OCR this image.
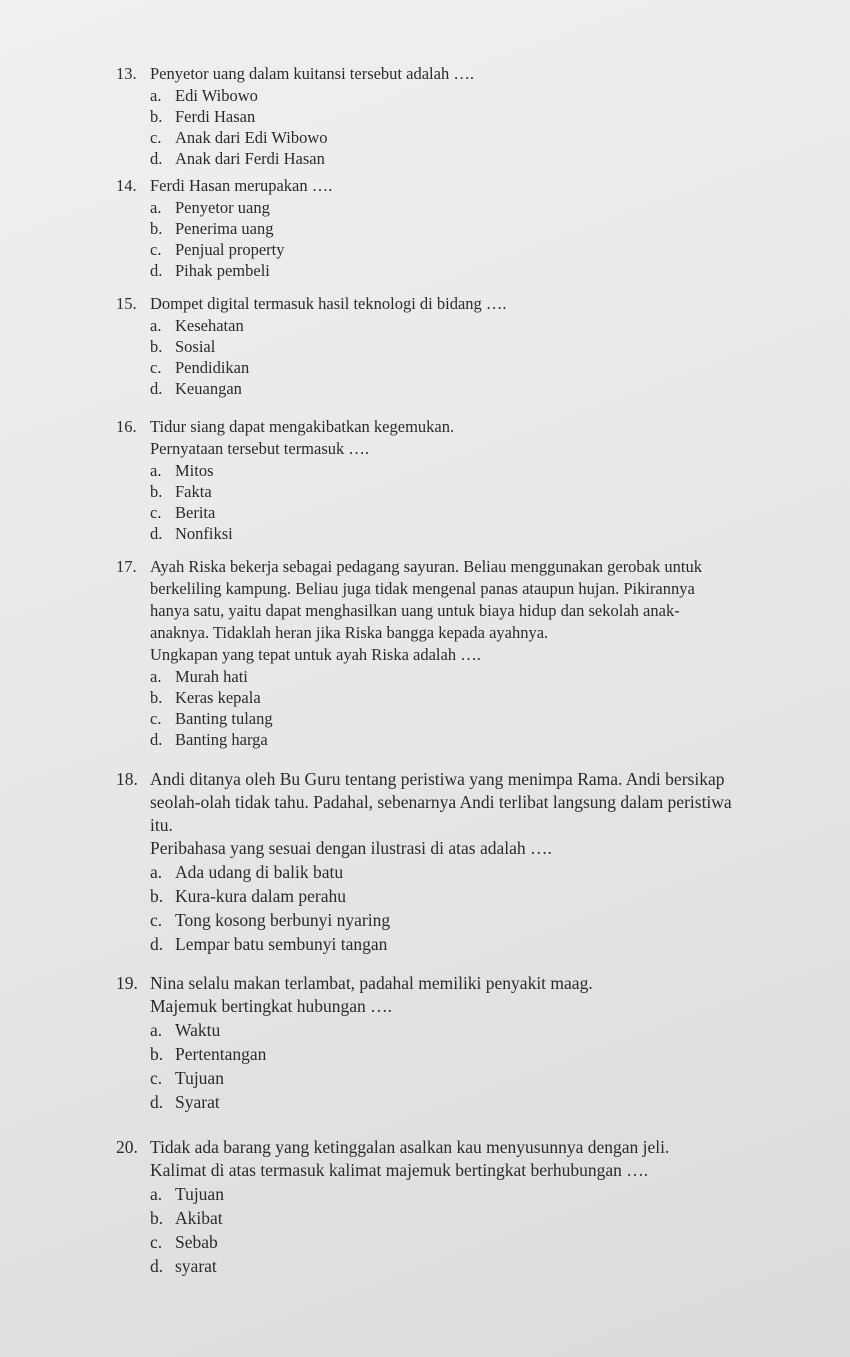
13. Penyetor uang dalam kuitansi tersebut adalah ….
a. Edi Wibowo
b. Ferdi Hasan
c. Anak dari Edi Wibowo
d. Anak dari Ferdi Hasan
14. Ferdi Hasan merupakan ….
a. Penyetor uang
b. Penerima uang
c. Penjual property
d. Pihak pembeli
15. Dompet digital termasuk hasil teknologi di bidang ….
a. Kesehatan
b. Sosial
c. Pendidikan
d. Keuangan
16. Tidur siang dapat mengakibatkan kegemukan.
Pernyataan tersebut termasuk ….
a. Mitos
b. Fakta
c. Berita
d. Nonfiksi
17. Ayah Riska bekerja sebagai pedagang sayuran. Beliau menggunakan gerobak untuk
berkeliling kampung. Beliau juga tidak mengenal panas ataupun hujan. Pikirannya
hanya satu, yaitu dapat menghasilkan uang untuk biaya hidup dan sekolah anak-
anaknya. Tidaklah heran jika Riska bangga kepada ayahnya.
Ungkapan yang tepat untuk ayah Riska adalah ….
a. Murah hati
b. Keras kepala
c. Banting tulang
d. Banting harga
18. Andi ditanya oleh Bu Guru tentang peristiwa yang menimpa Rama. Andi bersikap
seolah-olah tidak tahu. Padahal, sebenarnya Andi terlibat langsung dalam peristiwa
itu.
Peribahasa yang sesuai dengan ilustrasi di atas adalah ….
a. Ada udang di balik batu
b. Kura-kura dalam perahu
c. Tong kosong berbunyi nyaring
d. Lempar batu sembunyi tangan
19. Nina selalu makan terlambat, padahal memiliki penyakit maag.
Majemuk bertingkat hubungan ….
a. Waktu
b. Pertentangan
c. Tujuan
d. Syarat
20. Tidak ada barang yang ketinggalan asalkan kau menyusunnya dengan jeli.
Kalimat di atas termasuk kalimat majemuk bertingkat berhubungan ….
a. Tujuan
b. Akibat
c. Sebab
d. syarat
